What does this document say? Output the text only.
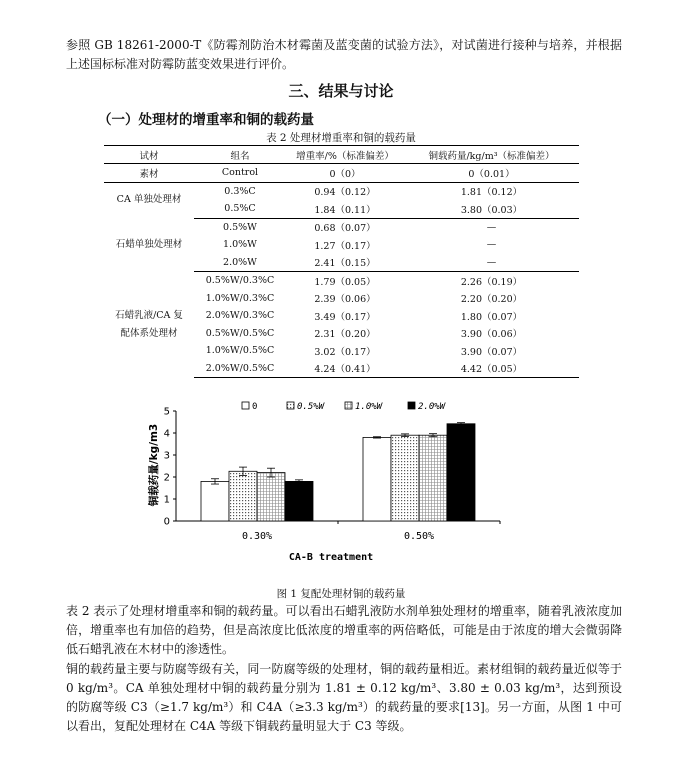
参照 GB 18261-2000-T《防霉剂防治木材霉菌及蓝变菌的试验方法》，对试菌进行接种与培养，并根据上述国标标准对防霉防蓝变效果进行评价。
三、结果与讨论
（一）处理材的增重率和铜的载药量
表 2 处理材增重率和铜的载药量
试材	组名	增重率/%（标准偏差）	铜载药量/kg/m³（标准偏差）
素材	Control	0（0）	0（0.01）
CA 单独处理材	0.3%C	0.94（0.12）	1.81（0.12）
	0.5%C	1.84（0.11）	3.80（0.03）
石蜡单独处理材	0.5%W	0.68（0.07）	—
	1.0%W	1.27（0.17）	—
	2.0%W	2.41（0.15）	—

石蜡乳液/CA 复
配体系处理材	0.5%W/0.3%C	1.79（0.05）	2.26（0.19）
	1.0%W/0.3%C	2.39（0.06）	2.20（0.20）
	2.0%W/0.3%C	3.49（0.17）	1.80（0.07）
	0.5%W/0.5%C	2.31（0.20）	3.90（0.06）
	1.0%W/0.5%C	3.02（0.17）	3.90（0.07）
	2.0%W/0.5%C	4.24（0.41）	4.42（0.05）
0	0.5%W	1.0%W	2.0%W
0
1
2
3
4
5
0.30%	0.50%
铜载药量/kg/m3
CA-B treatment
图 1 复配处理材铜的载药量
表 2 表示了处理材增重率和铜的载药量。可以看出石蜡乳液防水剂单独处理材的增重率，随着乳液浓度加倍，增重率也有加倍的趋势，但是高浓度比低浓度的增重率的两倍略低，可能是由于浓度的增大会微弱降低石蜡乳液在木材中的渗透性。
铜的载药量主要与防腐等级有关，同一防腐等级的处理材，铜的载药量相近。素材组铜的载药量近似等于 0 kg/m³。CA 单独处理材中铜的载药量分别为 1.81 ± 0.12 kg/m³、3.80 ± 0.03 kg/m³，达到预设的防腐等级 C3（≥1.7 kg/m³）和 C4A（≥3.3 kg/m³）的载药量的要求[13]。另一方面，从图 1 中可以看出，复配处理材在 C4A 等级下铜载药量明显大于 C3 等级。
